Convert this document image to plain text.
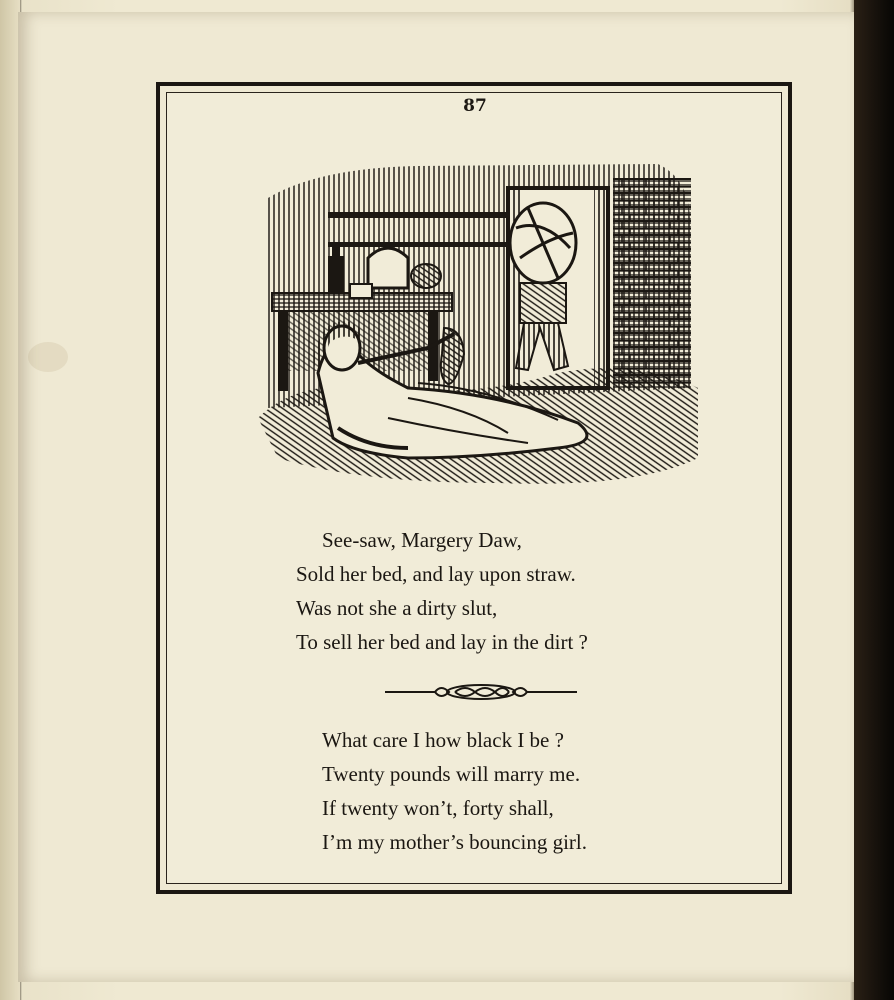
87
See-saw, Margery Daw,
Sold her bed, and lay upon straw.
Was not she a dirty slut,
To sell her bed and lay in the dirt ?
What care I how black I be ?
Twenty pounds will marry me.
If twenty won’t, forty shall,
I’m my mother’s bouncing girl.
